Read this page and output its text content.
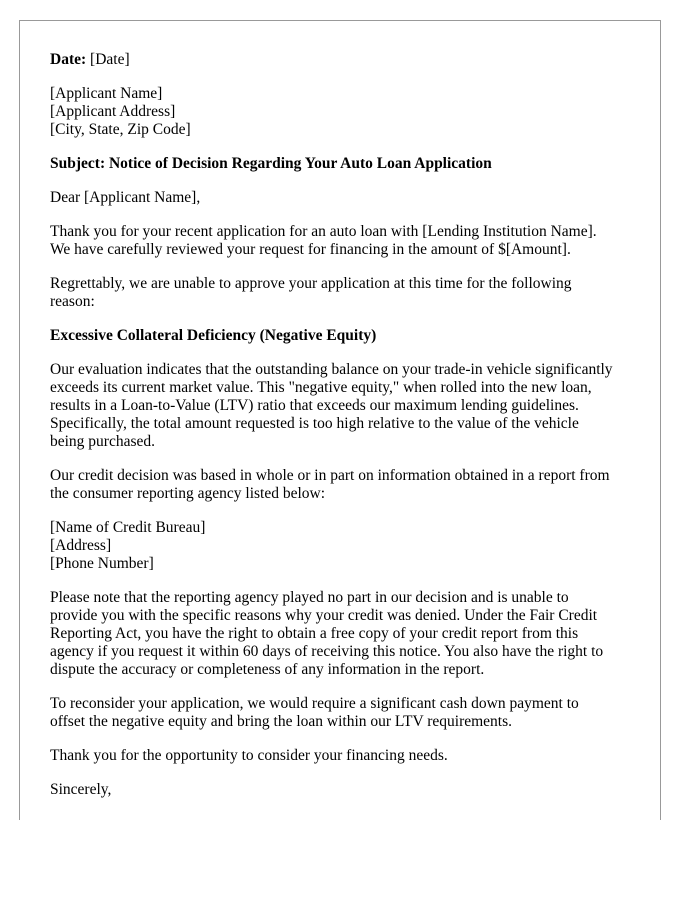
Date: [Date]
[Applicant Name]
[Applicant Address]
[City, State, Zip Code]
Subject: Notice of Decision Regarding Your Auto Loan Application
Dear [Applicant Name],
Thank you for your recent application for an auto loan with [Lending Institution Name].
We have carefully reviewed your request for financing in the amount of $[Amount].
Regrettably, we are unable to approve your application at this time for the following
reason:
Excessive Collateral Deficiency (Negative Equity)
Our evaluation indicates that the outstanding balance on your trade-in vehicle significantly
exceeds its current market value. This "negative equity," when rolled into the new loan,
results in a Loan-to-Value (LTV) ratio that exceeds our maximum lending guidelines.
Specifically, the total amount requested is too high relative to the value of the vehicle
being purchased.
Our credit decision was based in whole or in part on information obtained in a report from
the consumer reporting agency listed below:
[Name of Credit Bureau]
[Address]
[Phone Number]
Please note that the reporting agency played no part in our decision and is unable to
provide you with the specific reasons why your credit was denied. Under the Fair Credit
Reporting Act, you have the right to obtain a free copy of your credit report from this
agency if you request it within 60 days of receiving this notice. You also have the right to
dispute the accuracy or completeness of any information in the report.
To reconsider your application, we would require a significant cash down payment to
offset the negative equity and bring the loan within our LTV requirements.
Thank you for the opportunity to consider your financing needs.
Sincerely,
